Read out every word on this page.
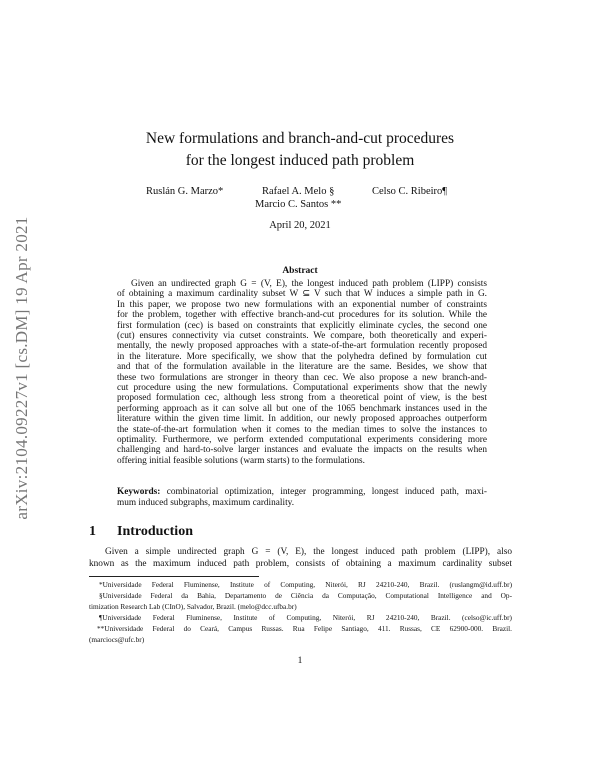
arXiv:2104.09227v1 [cs.DM] 19 Apr 2021
New formulations and branch-and-cut procedures
for the longest induced path problem
Ruslán G. Marzo*	Rafael A. Melo §	Celso C. Ribeiro¶
Marcio C. Santos **
April 20, 2021
Abstract
Given an undirected graph G = (V, E), the longest induced path problem (LIPP) consists
of obtaining a maximum cardinality subset W ⊆ V such that W induces a simple path in G.
In this paper, we propose two new formulations with an exponential number of constraints
for the problem, together with effective branch-and-cut procedures for its solution. While the
first formulation (cec) is based on constraints that explicitly eliminate cycles, the second one
(cut) ensures connectivity via cutset constraints. We compare, both theoretically and experi-
mentally, the newly proposed approaches with a state-of-the-art formulation recently proposed
in the literature. More specifically, we show that the polyhedra defined by formulation cut
and that of the formulation available in the literature are the same. Besides, we show that
these two formulations are stronger in theory than cec. We also propose a new branch-and-
cut procedure using the new formulations. Computational experiments show that the newly
proposed formulation cec, although less strong from a theoretical point of view, is the best
performing approach as it can solve all but one of the 1065 benchmark instances used in the
literature within the given time limit. In addition, our newly proposed approaches outperform
the state-of-the-art formulation when it comes to the median times to solve the instances to
optimality. Furthermore, we perform extended computational experiments considering more
challenging and hard-to-solve larger instances and evaluate the impacts on the results when
offering initial feasible solutions (warm starts) to the formulations.
Keywords: combinatorial optimization, integer programming, longest induced path, maxi-
mum induced subgraphs, maximum cardinality.
1 Introduction
Given a simple undirected graph G = (V, E), the longest induced path problem (LIPP), also
known as the maximum induced path problem, consists of obtaining a maximum cardinality subset
*Universidade Federal Fluminense, Institute of Computing, Niterói, RJ 24210-240, Brazil. (ruslangm@id.uff.br)
§Universidade Federal da Bahia, Departamento de Ciência da Computação, Computational Intelligence and Op-
timization Research Lab (CInO), Salvador, Brazil. (melo@dcc.ufba.br)
¶Universidade Federal Fluminense, Institute of Computing, Niterói, RJ 24210-240, Brazil. (celso@ic.uff.br)
**Universidade Federal do Ceará, Campus Russas. Rua Felipe Santiago, 411. Russas, CE 62900-000. Brazil.
(marciocs@ufc.br)
1
